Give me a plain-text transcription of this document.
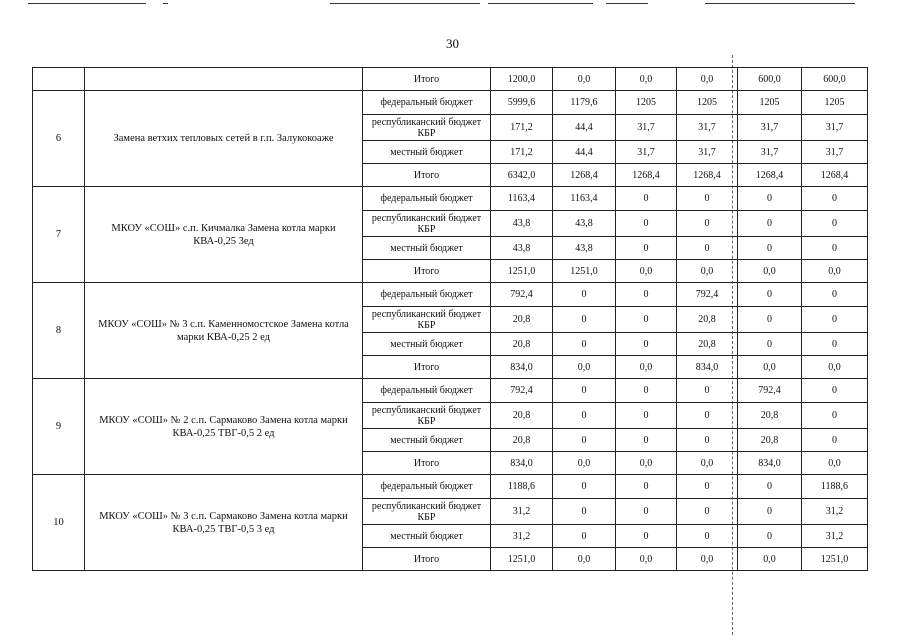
30
		Итого	1200,0	0,0	0,0	0,0	600,0	600,0
6	Замена ветхих тепловых сетей в г.п. Залукокоаже	федеральный бюджет	5999,6	1179,6	1205	1205	1205	1205
		республиканский бюджет КБР	171,2	44,4	31,7	31,7	31,7	31,7
		местный бюджет	171,2	44,4	31,7	31,7	31,7	31,7
		Итого	6342,0	1268,4	1268,4	1268,4	1268,4	1268,4
7	МКОУ «СОШ» с.п. Кичмалка Замена котла марки КВА-0,25 3ед	федеральный бюджет	1163,4	1163,4	0	0	0	0
		республиканский бюджет КБР	43,8	43,8	0	0	0	0
		местный бюджет	43,8	43,8	0	0	0	0
		Итого	1251,0	1251,0	0,0	0,0	0,0	0,0
8	МКОУ «СОШ» № 3 с.п. Каменномостское Замена котла марки КВА-0,25 2 ед	федеральный бюджет	792,4	0	0	792,4	0	0
		республиканский бюджет КБР	20,8	0	0	20,8	0	0
		местный бюджет	20,8	0	0	20,8	0	0
		Итого	834,0	0,0	0,0	834,0	0,0	0,0
9	МКОУ «СОШ» № 2 с.п. Сармаково Замена котла марки КВА-0,25 ТВГ-0,5 2 ед	федеральный бюджет	792,4	0	0	0	792,4	0
		республиканский бюджет КБР	20,8	0	0	0	20,8	0
		местный бюджет	20,8	0	0	0	20,8	0
		Итого	834,0	0,0	0,0	0,0	834,0	0,0
10	МКОУ «СОШ» № 3 с.п. Сармаково Замена котла марки КВА-0,25 ТВГ-0,5 3 ед	федеральный бюджет	1188,6	0	0	0	0	1188,6
		республиканский бюджет КБР	31,2	0	0	0	0	31,2
		местный бюджет	31,2	0	0	0	0	31,2
		Итого	1251,0	0,0	0,0	0,0	0,0	1251,0
